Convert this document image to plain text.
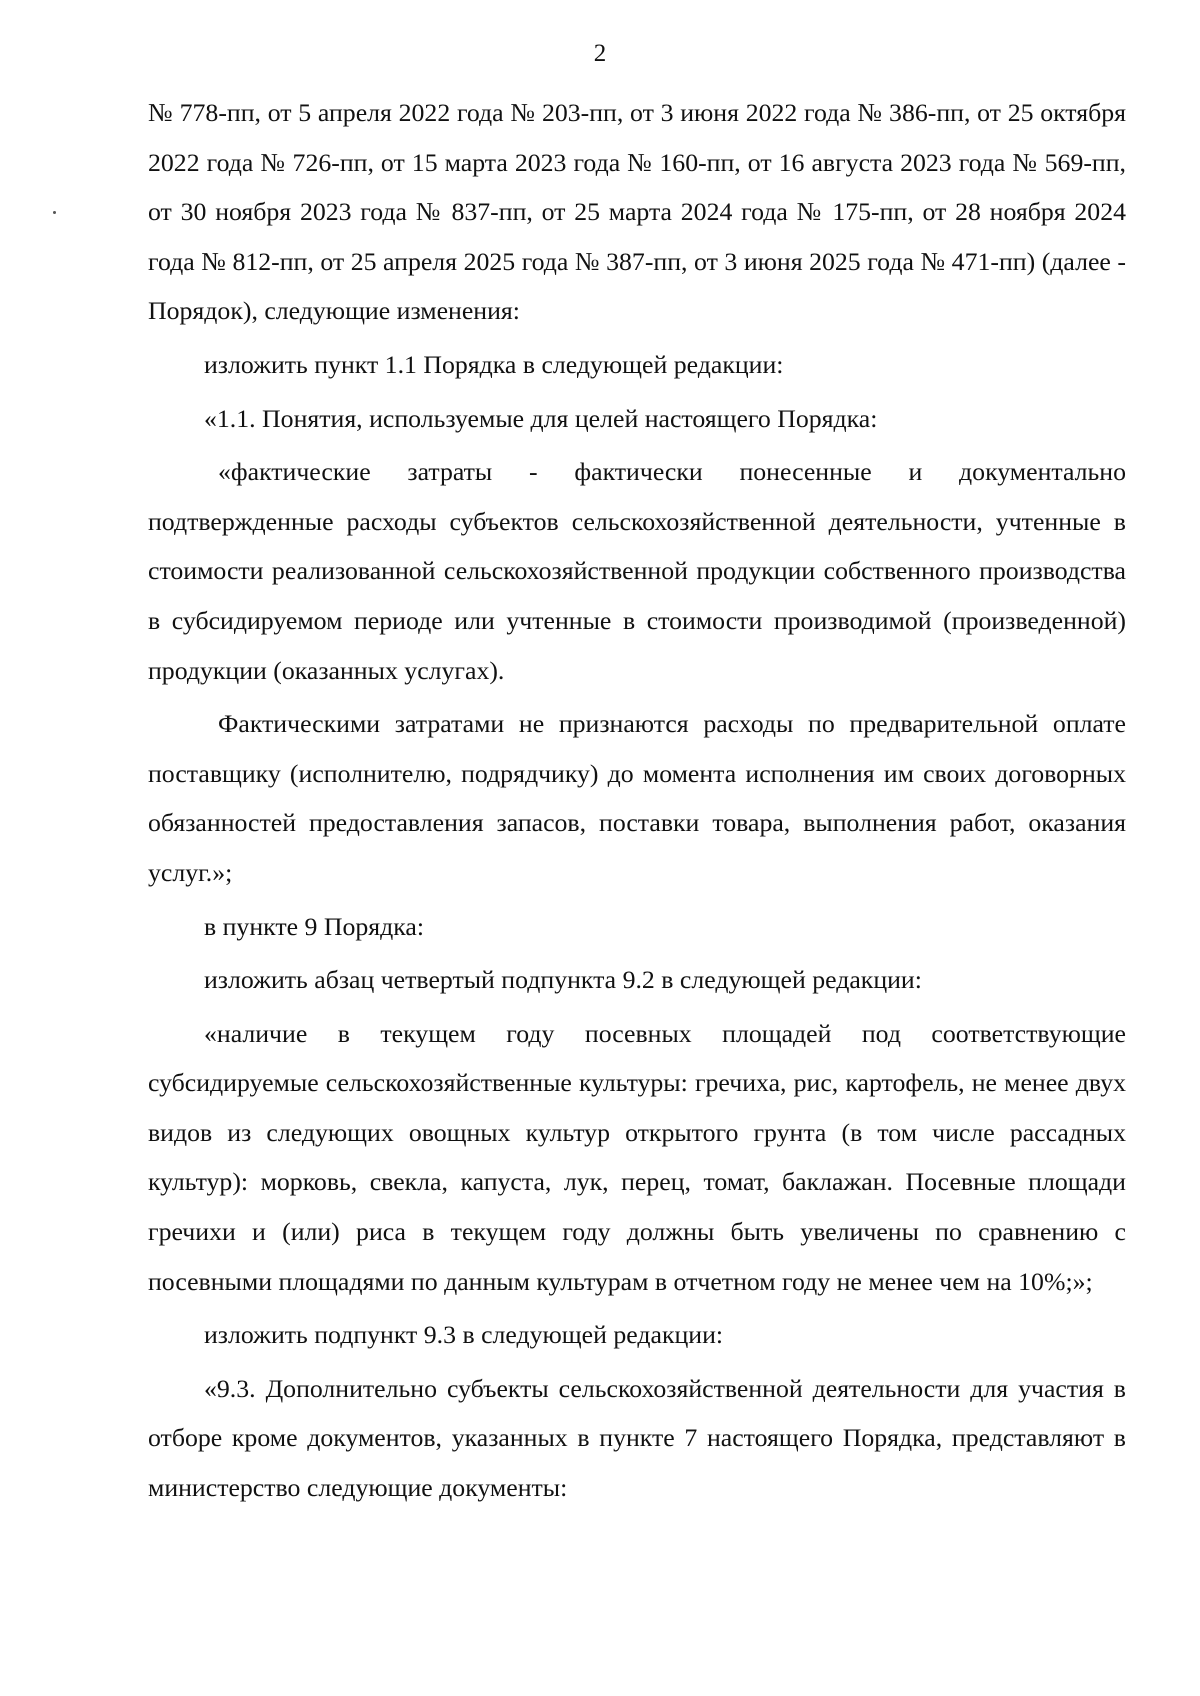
2

№ 778-пп, от 5 апреля 2022 года № 203-пп, от 3 июня 2022 года № 386-пп, от 25 октября 2022 года № 726-пп, от 15 марта 2023 года № 160-пп, от 16 августа 2023 года № 569-пп, от 30 ноября 2023 года № 837-пп, от 25 марта 2024 года № 175-пп, от 28 ноября 2024 года № 812-пп, от 25 апреля 2025 года № 387-пп, от 3 июня 2025 года № 471-пп) (далее - Порядок), следующие изменения:

изложить пункт 1.1 Порядка в следующей редакции:

«1.1. Понятия, используемые для целей настоящего Порядка:

«фактические затраты - фактически понесенные и документально подтвержденные расходы субъектов сельскохозяйственной деятельности, учтенные в стоимости реализованной сельскохозяйственной продукции собственного производства в субсидируемом периоде или учтенные в стоимости производимой (произведенной) продукции (оказанных услугах).

Фактическими затратами не признаются расходы по предварительной оплате поставщику (исполнителю, подрядчику) до момента исполнения им своих договорных обязанностей предоставления запасов, поставки товара, выполнения работ, оказания услуг.»;

в пункте 9 Порядка:

изложить абзац четвертый подпункта 9.2 в следующей редакции:

«наличие в текущем году посевных площадей под соответствующие субсидируемые сельскохозяйственные культуры: гречиха, рис, картофель, не менее двух видов из следующих овощных культур открытого грунта (в том числе рассадных культур): морковь, свекла, капуста, лук, перец, томат, баклажан. Посевные площади гречихи и (или) риса в текущем году должны быть увеличены по сравнению с посевными площадями по данным культурам в отчетном году не менее чем на 10%;»;

изложить подпункт 9.3 в следующей редакции:

«9.3. Дополнительно субъекты сельскохозяйственной деятельности для участия в отборе кроме документов, указанных в пункте 7 настоящего Порядка, представляют в министерство следующие документы:
